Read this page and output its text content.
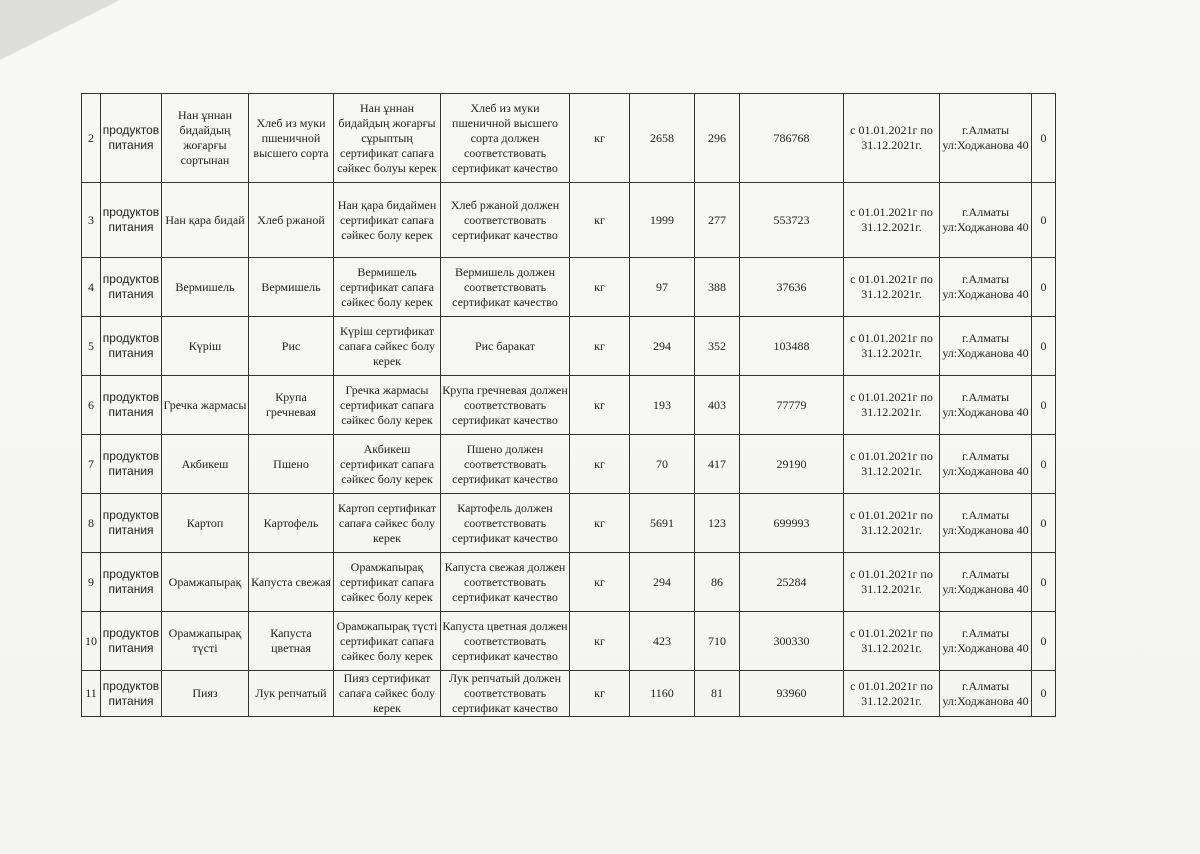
2	продуктов питания	Нан ұннан бидайдың жоғарғы сортынан	Хлеб из муки пшеничной высшего сорта	Нан ұннан бидайдың жоғарғы сұрыптың сертификат сапаға сәйкес болуы керек	Хлеб из муки пшеничной высшего сорта должен соответствовать сертификат качество	кг	2658	296	786768	с 01.01.2021г по 31.12.2021г.	г.Алматы ул:Ходжанова 40	0
3	продуктов питания	Нан қара бидай	Хлеб ржаной	Нан қара бидаймен сертификат сапаға сәйкес болу керек	Хлеб ржаной должен соответствовать сертификат качество	кг	1999	277	553723	с 01.01.2021г по 31.12.2021г.	г.Алматы ул:Ходжанова 40	0
4	продуктов питания	Вермишель	Вермишель	Вермишель сертификат сапаға сәйкес болу керек	Вермишель должен соответствовать сертификат качество	кг	97	388	37636	с 01.01.2021г по 31.12.2021г.	г.Алматы ул:Ходжанова 40	0
5	продуктов питания	Күріш	Рис	Күріш сертификат сапаға сәйкес болу керек	Рис баракат	кг	294	352	103488	с 01.01.2021г по 31.12.2021г.	г.Алматы ул:Ходжанова 40	0
6	продуктов питания	Гречка жармасы	Крупа гречневая	Гречка жармасы сертификат сапаға сәйкес болу керек	Крупа гречневая должен соответствовать сертификат качество	кг	193	403	77779	с 01.01.2021г по 31.12.2021г.	г.Алматы ул:Ходжанова 40	0
7	продуктов питания	Акбикеш	Пшено	Акбикеш сертификат сапаға сәйкес болу керек	Пшено должен соответствовать сертификат качество	кг	70	417	29190	с 01.01.2021г по 31.12.2021г.	г.Алматы ул:Ходжанова 40	0
8	продуктов питания	Картоп	Картофель	Картоп сертификат сапаға сәйкес болу керек	Картофель должен соответствовать сертификат качество	кг	5691	123	699993	с 01.01.2021г по 31.12.2021г.	г.Алматы ул:Ходжанова 40	0
9	продуктов питания	Орамжапырақ	Капуста свежая	Орамжапырақ сертификат сапаға сәйкес болу керек	Капуста свежая должен соответствовать сертификат качество	кг	294	86	25284	с 01.01.2021г по 31.12.2021г.	г.Алматы ул:Ходжанова 40	0
10	продуктов питания	Орамжапырақ түсті	Капуста цветная	Орамжапырақ түсті сертификат сапаға сәйкес болу керек	Капуста цветная должен соответствовать сертификат качество	кг	423	710	300330	с 01.01.2021г по 31.12.2021г.	г.Алматы ул:Ходжанова 40	0
11	продуктов питания	Пияз	Лук репчатый	Пияз сертификат сапаға сәйкес болу керек	Лук репчатый должен соответствовать сертификат качество	кг	1160	81	93960	с 01.01.2021г по 31.12.2021г.	г.Алматы ул:Ходжанова 40	0
